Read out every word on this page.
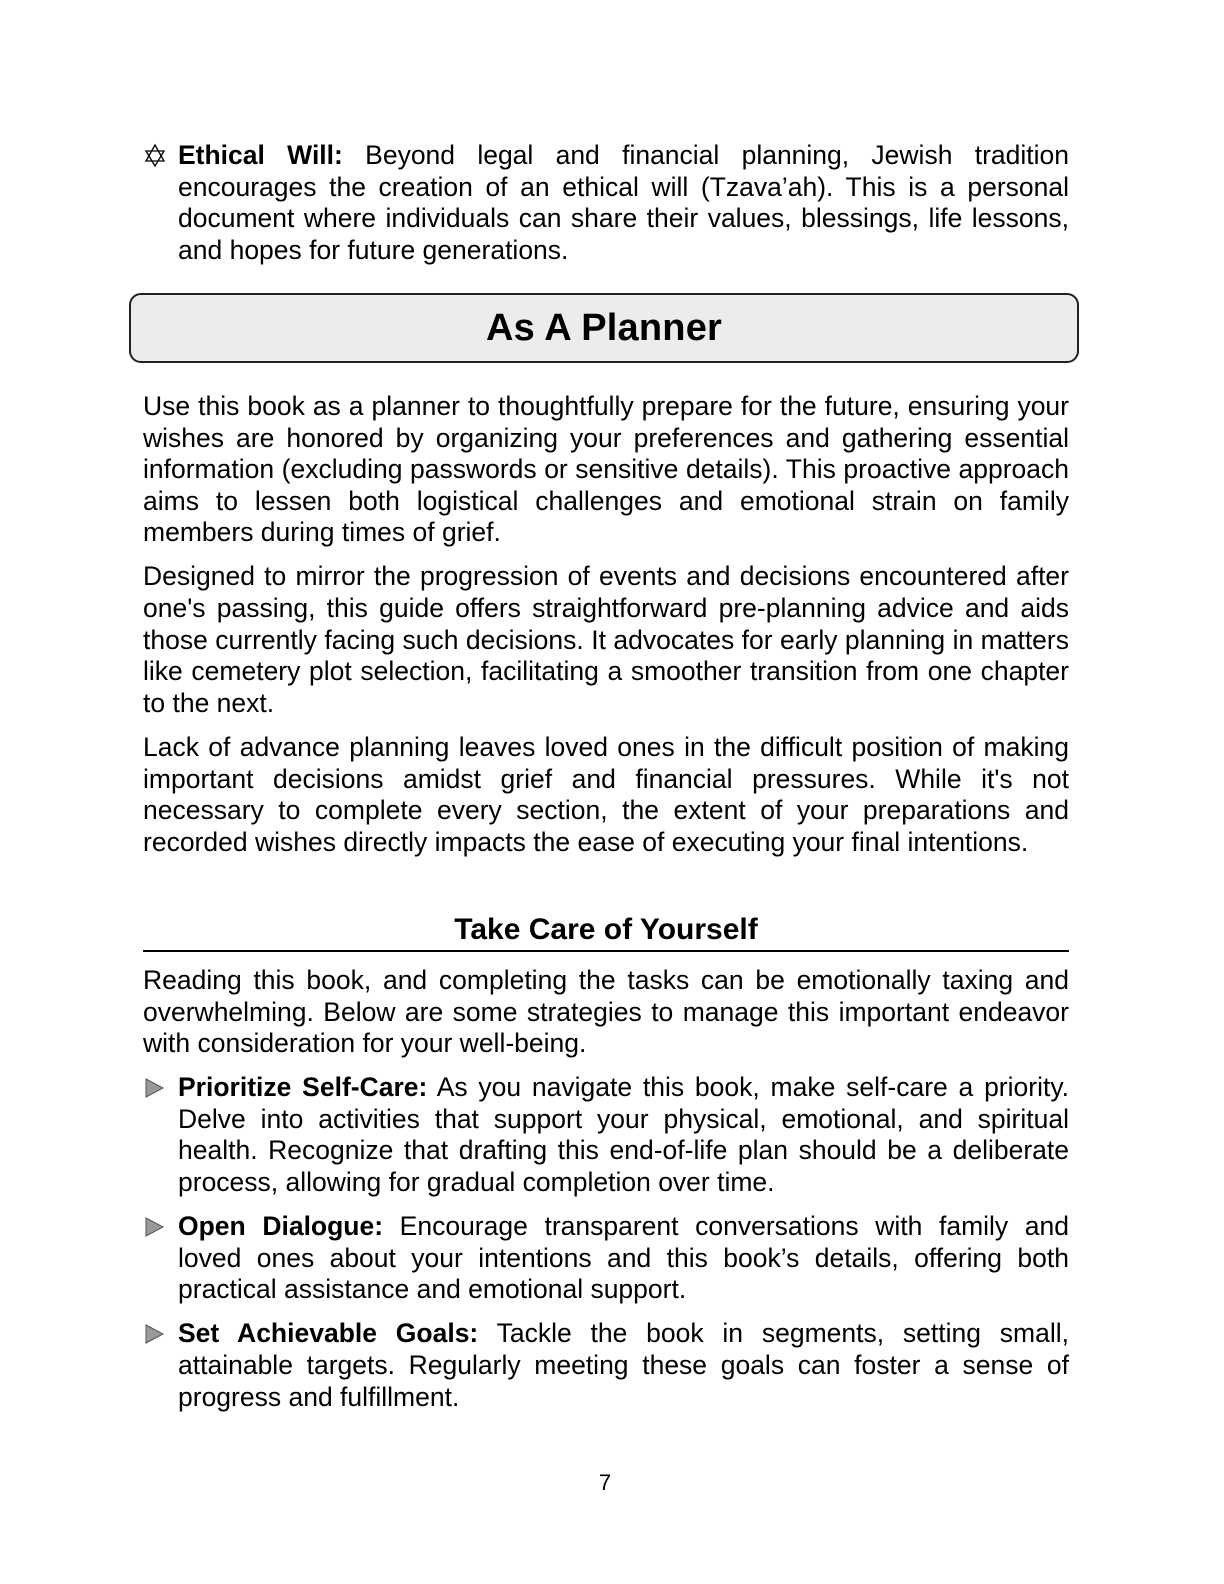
Ethical Will: Beyond legal and financial planning, Jewish tradition encourages the creation of an ethical will (Tzava’ah). This is a personal document where individuals can share their values, blessings, life lessons, and hopes for future generations.

As A Planner

Use this book as a planner to thoughtfully prepare for the future, ensuring your wishes are honored by organizing your preferences and gathering essential information (excluding passwords or sensitive details). This proactive approach aims to lessen both logistical challenges and emotional strain on family members during times of grief.

Designed to mirror the progression of events and decisions encountered after one's passing, this guide offers straightforward pre-planning advice and aids those currently facing such decisions. It advocates for early planning in matters like cemetery plot selection, facilitating a smoother transition from one chapter to the next.

Lack of advance planning leaves loved ones in the difficult position of making important decisions amidst grief and financial pressures. While it's not necessary to complete every section, the extent of your preparations and recorded wishes directly impacts the ease of executing your final intentions.

Take Care of Yourself

Reading this book, and completing the tasks can be emotionally taxing and overwhelming. Below are some strategies to manage this important endeavor with consideration for your well-being.

Prioritize Self-Care: As you navigate this book, make self-care a priority. Delve into activities that support your physical, emotional, and spiritual health. Recognize that drafting this end-of-life plan should be a deliberate process, allowing for gradual completion over time.

Open Dialogue: Encourage transparent conversations with family and loved ones about your intentions and this book’s details, offering both practical assistance and emotional support.

Set Achievable Goals: Tackle the book in segments, setting small, attainable targets. Regularly meeting these goals can foster a sense of progress and fulfillment.

7
